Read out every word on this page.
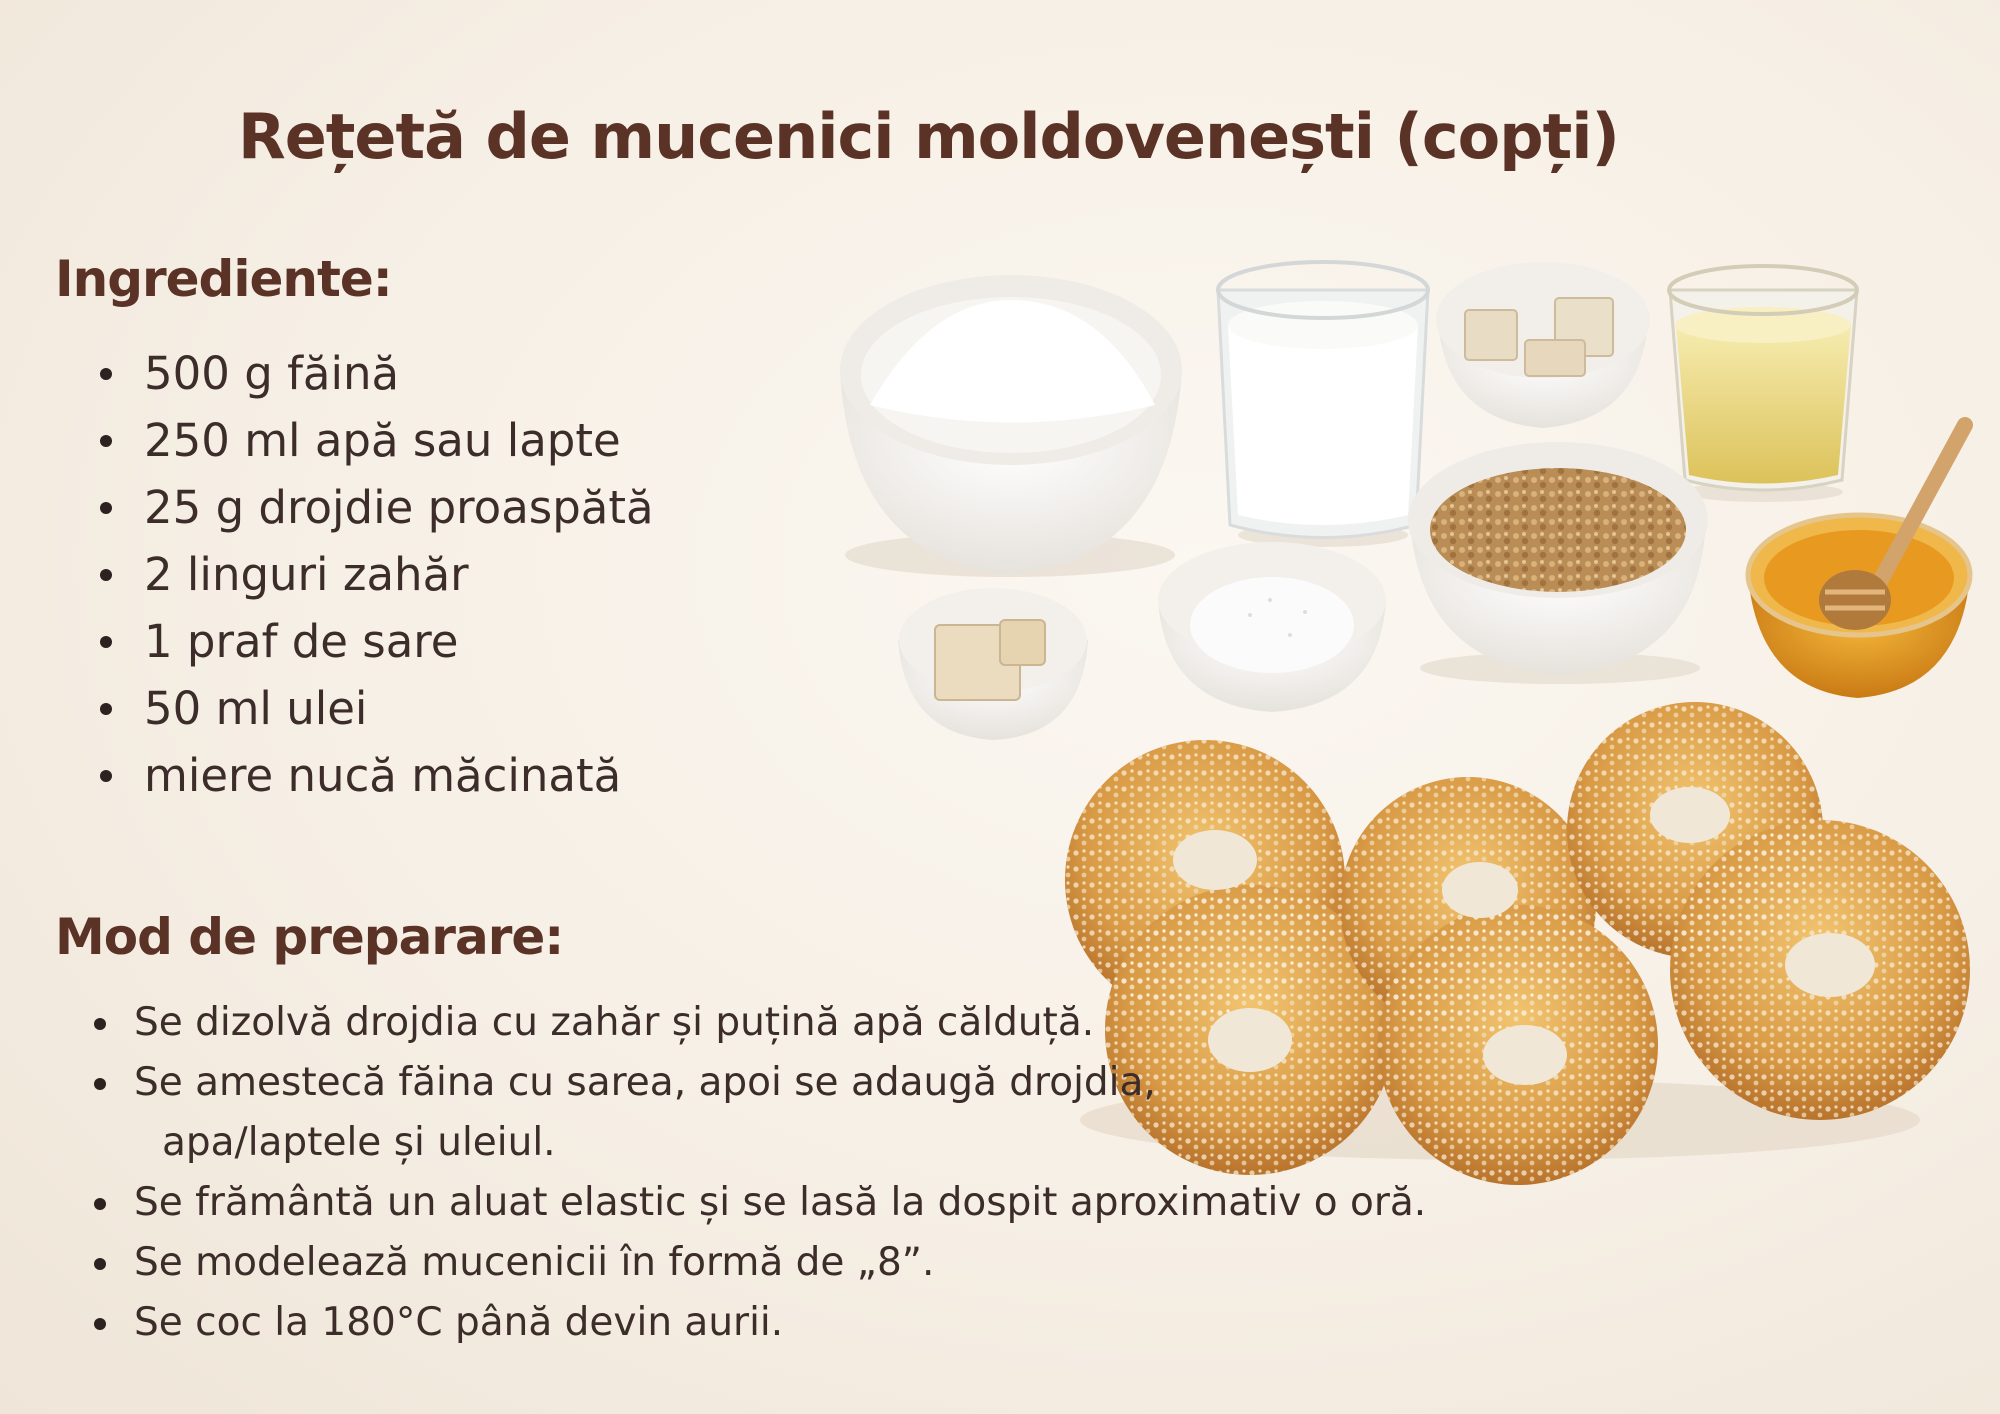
Rețetă de mucenici moldovenești (copți)
Ingrediente:
500 g făină
250 ml apă sau lapte
25 g drojdie proaspătă
2 linguri zahăr
1 praf de sare
50 ml ulei
miere nucă măcinată
Mod de preparare:
Se dizolvă drojdia cu zahăr și puțină apă călduță.
Se amestecă făina cu sarea, apoi se adaugă drojdia,
apa/laptele și uleiul.
Se frământă un aluat elastic și se lasă la dospit aproximativ o oră.
Se modelează mucenicii în formă de „8”.
Se coc la 180°C până devin aurii.
